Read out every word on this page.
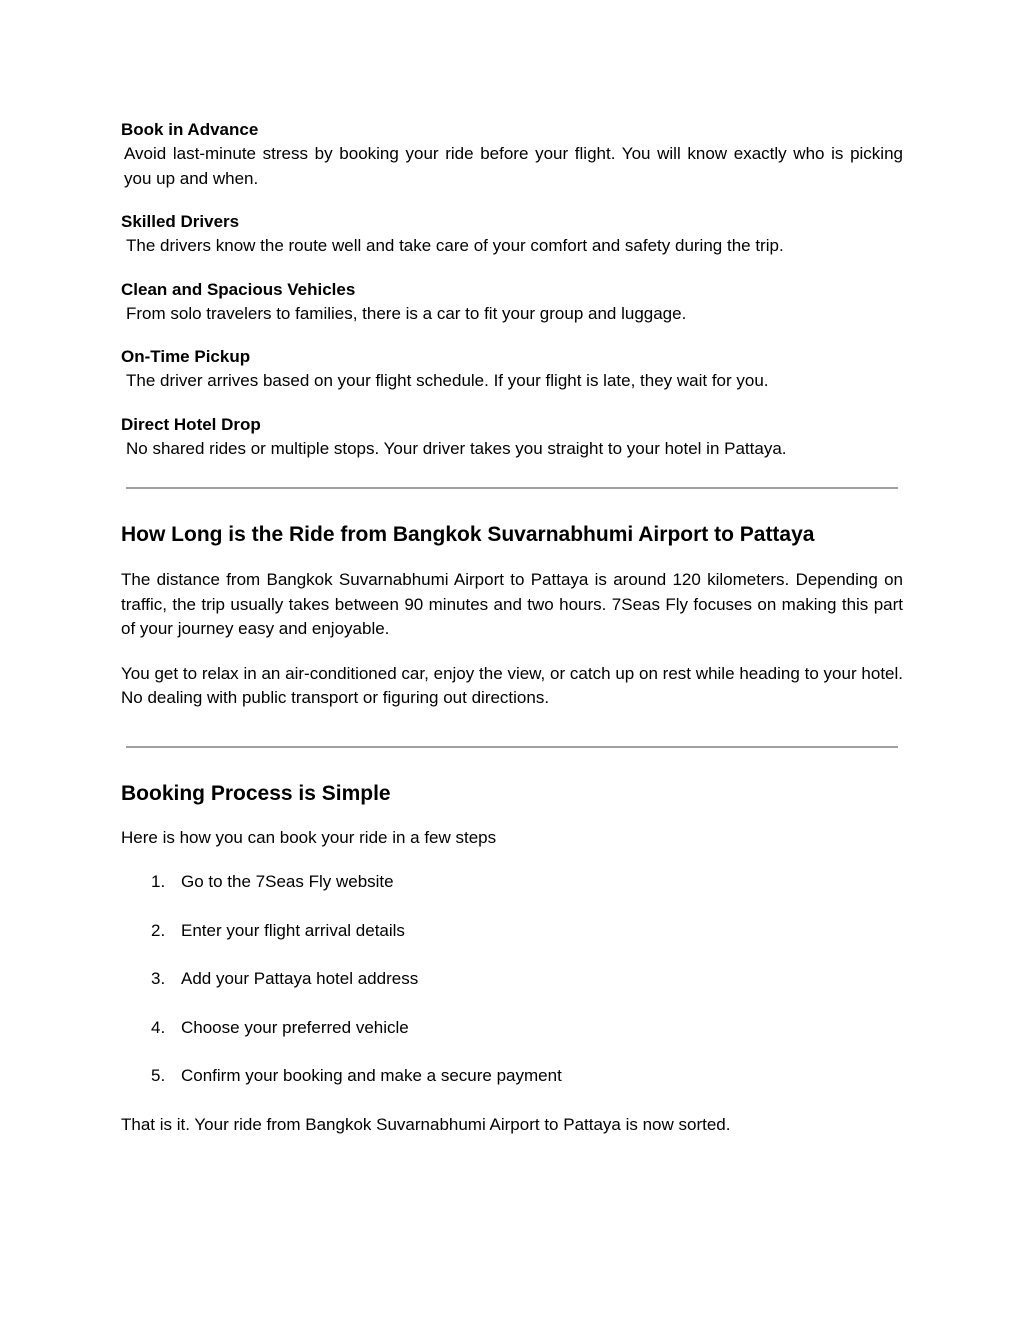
Book in Advance
Avoid last-minute stress by booking your ride before your flight. You will know exactly who is picking you up and when.
Skilled Drivers
The drivers know the route well and take care of your comfort and safety during the trip.
Clean and Spacious Vehicles
From solo travelers to families, there is a car to fit your group and luggage.
On-Time Pickup
The driver arrives based on your flight schedule. If your flight is late, they wait for you.
Direct Hotel Drop
No shared rides or multiple stops. Your driver takes you straight to your hotel in Pattaya.
How Long is the Ride from Bangkok Suvarnabhumi Airport to Pattaya

The distance from Bangkok Suvarnabhumi Airport to Pattaya is around 120 kilometers. Depending on traffic, the trip usually takes between 90 minutes and two hours. 7Seas Fly focuses on making this part of your journey easy and enjoyable.

You get to relax in an air-conditioned car, enjoy the view, or catch up on rest while heading to your hotel. No dealing with public transport or figuring out directions.

Booking Process is Simple

Here is how you can book your ride in a few steps

1. Go to the 7Seas Fly website
2. Enter your flight arrival details
3. Add your Pattaya hotel address
4. Choose your preferred vehicle
5. Confirm your booking and make a secure payment

That is it. Your ride from Bangkok Suvarnabhumi Airport to Pattaya is now sorted.
